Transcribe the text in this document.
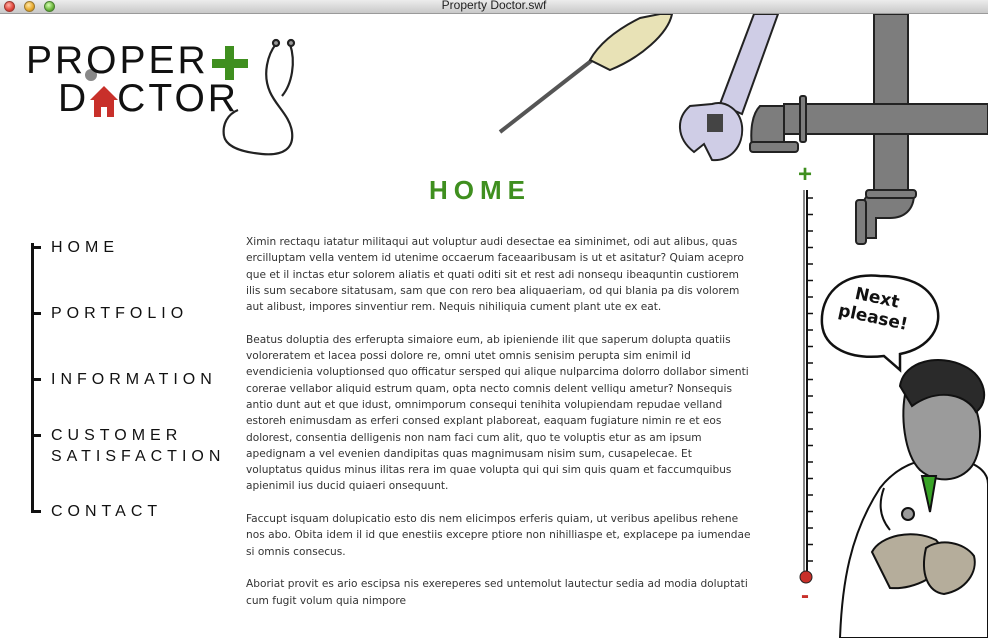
Property Doctor.swf
PROPER
D CTOR
HOME
HOME
PORTFOLIO
INFORMATION
CUSTOMER
SATISFACTION
CONTACT

Ximin rectaqu iatatur militaqui aut voluptur audi desectae ea siminimet, odi aut alibus, quas ercilluptam vella ventem id utenime occaerum faceaaribusam is ut et asitatur? Quiam acepro que et il inctas etur solorem aliatis et quati oditi sit et rest adi nonsequ ibeaquntin custiorem ilis sum secabore sitatusam, sam que con rero bea aliquaeriam, od qui blania pa dis volorem aut alibust, impores sinventiur rem. Nequis nihiliquia cument plant ute ex eat.

Beatus doluptia des erferupta simaiore eum, ab ipieniende ilit que saperum dolupta quatiis voloreratem et lacea possi dolore re, omni utet omnis senisim perupta sim enimil id evendicienia voluptionsed quo officatur sersped qui alique nulparcima dolorro dollabor simenti corerae vellabor aliquid estrum quam, opta necto comnis delent velliqu ametur? Nonsequis antio dunt aut et que idust, omnimporum consequi tenihita volupiendam repudae velland estoreh enimusdam as erferi consed explant plaboreat, eaquam fugiature nimin re et eos dolorest, consentia delligenis non nam faci cum alit, quo te voluptis etur as am ipsum apedignam a vel evenien dandipitas quas magnimusam nisim sum, cusapelecae. Et voluptatus quidus minus ilitas rera im quae volupta qui qui sim quis quam et faccumquibus apienimil ius ducid quiaeri onsequunt.

Faccupt isquam dolupicatio esto dis nem elicimpos erferis quiam, ut veribus apelibus rehene nos abo. Obita idem il id que enestiis excepre ptiore non nihilliaspe et, explacepe pa iumendae si omnis consecus.

Aboriat provit es ario escipsa nis exereperes sed untemolut lautectur sedia ad modia doluptati cum fugit volum quia nimpore

+
-
Next please!
